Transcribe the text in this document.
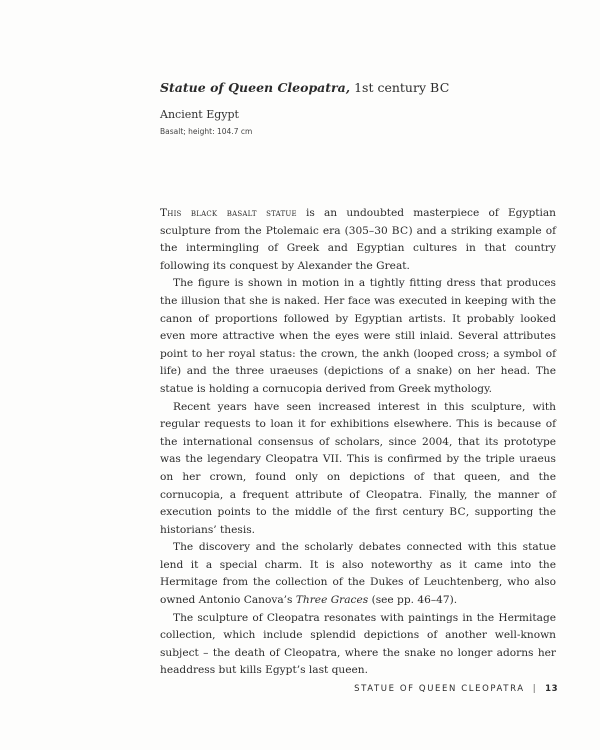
Statue of Queen Cleopatra, 1st century BC

Ancient Egypt

Basalt; height: 104.7 cm

This black basalt statue is an undoubted masterpiece of Egyptian sculpture from the Ptolemaic era (305–30 BC) and a striking example of the intermingling of Greek and Egyptian cultures in that country following its conquest by Alexander the Great.

The figure is shown in motion in a tightly fitting dress that produces the illusion that she is naked. Her face was executed in keeping with the canon of proportions followed by Egyptian artists. It probably looked even more attractive when the eyes were still inlaid. Several attributes point to her royal status: the crown, the ankh (looped cross; a symbol of life) and the three uraeuses (depictions of a snake) on her head. The statue is holding a cornucopia derived from Greek mythology.

Recent years have seen increased interest in this sculpture, with regular requests to loan it for exhibitions elsewhere. This is because of the international consensus of scholars, since 2004, that its prototype was the legendary Cleopatra VII. This is confirmed by the triple uraeus on her crown, found only on depictions of that queen, and the cornucopia, a frequent attribute of Cleopatra. Finally, the manner of execution points to the middle of the first century BC, supporting the historians’ thesis.

The discovery and the scholarly debates connected with this statue lend it a special charm. It is also noteworthy as it came into the Hermitage from the collection of the Dukes of Leuchtenberg, who also owned Antonio Canova’s Three Graces (see pp. 46–47).

The sculpture of Cleopatra resonates with paintings in the Hermitage collection, which include splendid depictions of another well-known subject – the death of Cleopatra, where the snake no longer adorns her headdress but kills Egypt’s last queen.

STATUE OF QUEEN CLEOPATRA | 13
